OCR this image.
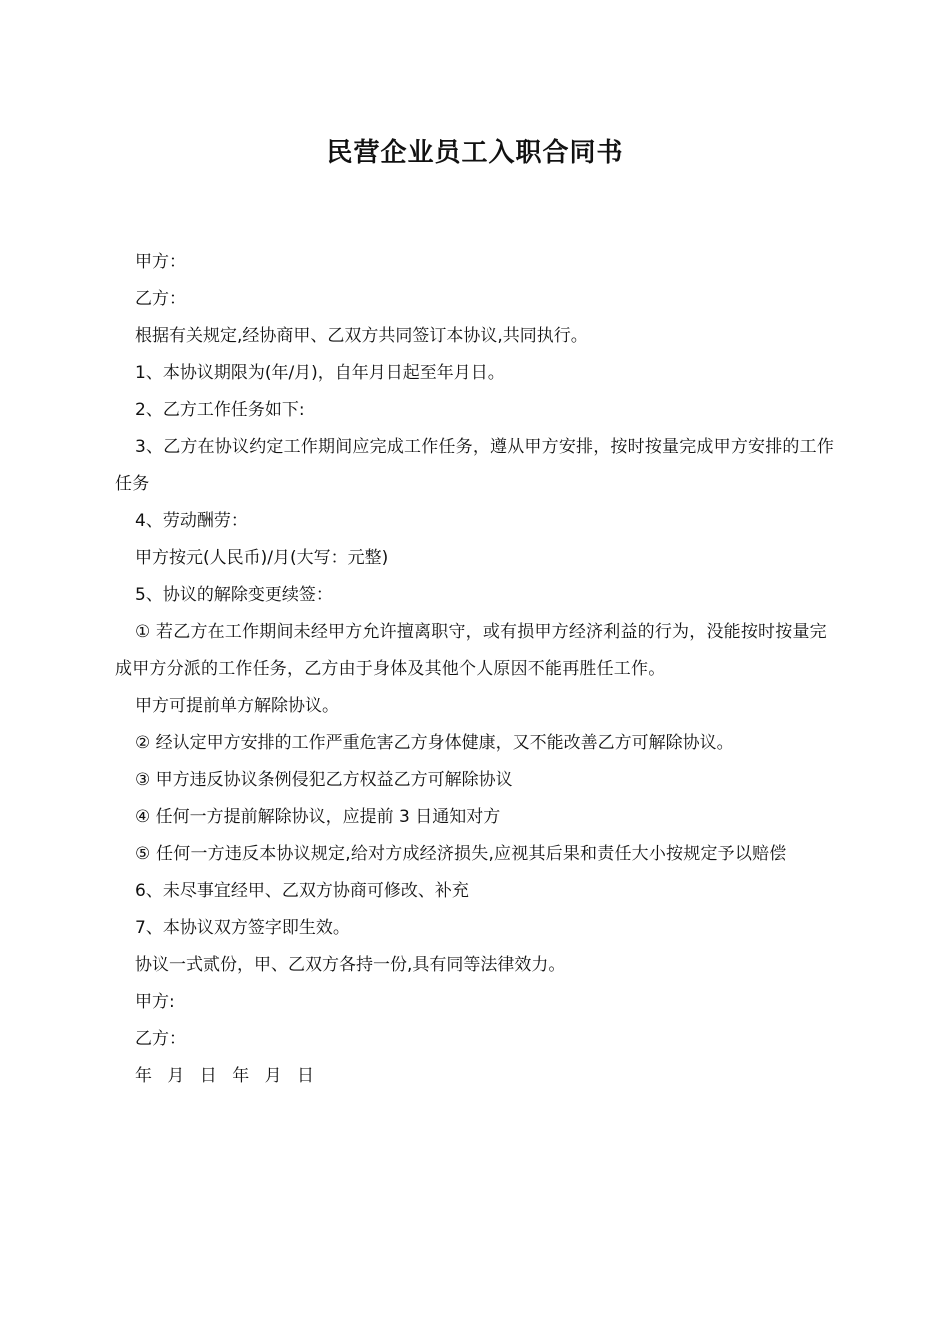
民营企业员工入职合同书

甲方：

乙方：

根据有关规定,经协商甲、乙双方共同签订本协议,共同执行。

1、本协议期限为(年/月)，自年月日起至年月日。

2、乙方工作任务如下:

3、乙方在协议约定工作期间应完成工作任务，遵从甲方安排，按时按量完成甲方安排的工作任务

4、劳动酬劳：

甲方按元(人民币)/月(大写：元整)

5、协议的解除变更续签：

① 若乙方在工作期间未经甲方允许擅离职守，或有损甲方经济利益的行为，没能按时按量完成甲方分派的工作任务，乙方由于身体及其他个人原因不能再胜任工作。

甲方可提前单方解除协议。

② 经认定甲方安排的工作严重危害乙方身体健康，又不能改善乙方可解除协议。

③ 甲方违反协议条例侵犯乙方权益乙方可解除协议

④ 任何一方提前解除协议，应提前 3 日通知对方

⑤ 任何一方违反本协议规定,给对方成经济损失,应视其后果和责任大小按规定予以赔偿

6、未尽事宜经甲、乙双方协商可修改、补充

7、本协议双方签字即生效。

协议一式贰份，甲、乙双方各持一份,具有同等法律效力。

甲方:

乙方：

年 月 日 年 月 日
